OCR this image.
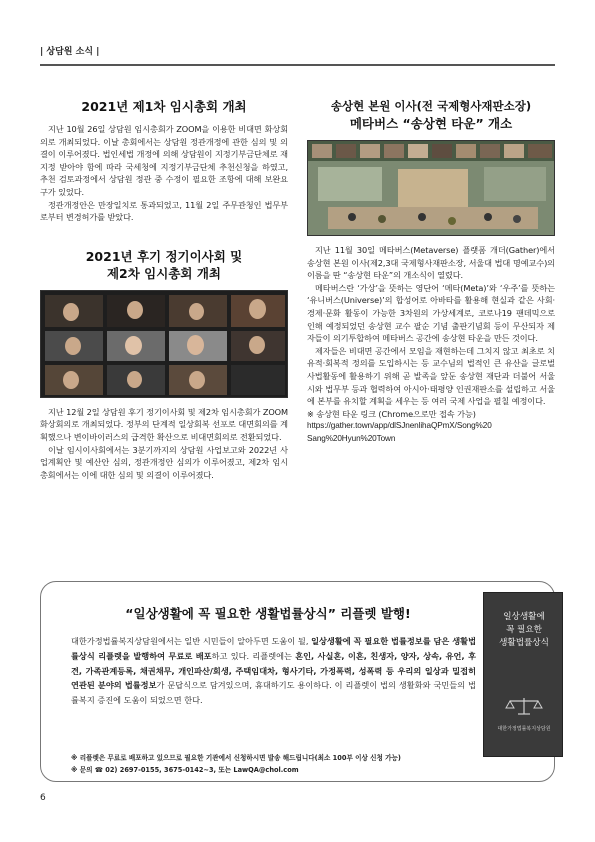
| 상담원 소식 |
2021년 제1차 임시총회 개최

지난 10월 26일 상담원 임시총회가 ZOOM을 이용한 비대면 화상회의로 개최되었다. 이날 총회에서는 상담원 정관개정에 관한 심의 및 의결이 이루어졌다. 법인세법 개정에 의해 상담원이 지정기부금단체로 재지정 받아야 함에 따라 국세청에 지정기부금단체 추천신청을 하였고, 추천 검토과정에서 상담원 정관 중 수정이 필요한 조항에 대해 보완요구가 있었다.

정관개정안은 만장일치로 통과되었고, 11월 2일 주무관청인 법무부로부터 변경허가를 받았다.

2021년 후기 정기이사회 및
제2차 임시총회 개최

지난 12월 2일 상담원 후기 정기이사회 및 제2차 임시총회가 ZOOM화상회의로 개최되었다. 정부의 단계적 일상회복 선포로 대면회의를 계획했으나 변이바이러스의 급격한 확산으로 비대면회의로 전환되었다.

이날 임시이사회에서는 3분기까지의 상담원 사업보고와 2022년 사업계획안 및 예산안 심의, 정관개정안 심의가 이루어졌고, 제2차 임시총회에서는 이에 대한 심의 및 의결이 이루어졌다.

송상현 본원 이사(전 국제형사재판소장)
메타버스 “송상현 타운” 개소

지난 11월 30일 메타버스(Metaverse) 플랫폼 개더(Gather)에서 송상현 본원 이사(제2,3대 국제형사재판소장, 서울대 법대 명예교수)의 이름을 딴 “송상현 타운”의 개소식이 열렸다.

메타버스란 ‘가상’을 뜻하는 영단어 ‘메타(Meta)’와 ‘우주’를 뜻하는 ‘유니버스(Universe)’의 합성어로 아바타를 활용해 현실과 같은 사회·경제·문화 활동이 가능한 3차원의 가상세계로, 코로나19 팬데믹으로 인해 예정되었던 송상현 교수 팔순 기념 출판기념회 등이 무산되자 제자들이 의기투합하여 메타버스 공간에 송상현 타운을 만든 것이다.

제자들은 비대면 공간에서 모임을 재현하는데 그치지 않고 최초로 치유적·회복적 정의를 도입하시는 등 교수님의 법적인 큰 유산을 글로벌 사법활동에 활용하기 위해 곧 발족을 앞둔 송상현 재단과 더불어 서울시와 법무부 등과 협력하여 아시아·태평양 인권재판소를 설립하고 서울에 본부를 유치할 계획을 세우는 등 여러 국제 사업을 펼칠 예정이다.

※ 송상현 타운 링크 (Chrome으로만 접속 가능)

https://gather.town/app/dlSJnenlihaQPmX/Song%20

Sang%20Hyun%20Town

“일상생활에 꼭 필요한 생활법률상식” 리플렛 발행!
대한가정법률복지상담원에서는 일반 시민들이 알아두면 도움이 될, 일상생활에 꼭 필요한 법률정보를 담은 생활법률상식 리플렛을 발행하여 무료로 배포하고 있다. 리플렛에는 혼인, 사실혼, 이혼, 친생자, 양자, 상속, 유언, 후견, 가족관계등록, 채권채무, 개인파산/회생, 주택임대차, 형사기타, 가정폭력, 성폭력 등 우리의 일상과 밀접히 연관된 분야의 법률정보가 문답식으로 담겨있으며, 휴대하기도 용이하다. 이 리플렛이 법의 생활화와 국민들의 법률복지 증진에 도움이 되었으면 한다.
※ 리플렛은 무료로 배포하고 있으므로 필요한 기관에서 신청하시면 발송 해드립니다(최소 100부 이상 신청 가능)
※ 문의 ☎ 02) 2697-0155, 3675-0142~3, 또는 LawQA@chol.com
일상생활에
꼭 필요한
생활법률상식
대한가정법률복지상담원
6
